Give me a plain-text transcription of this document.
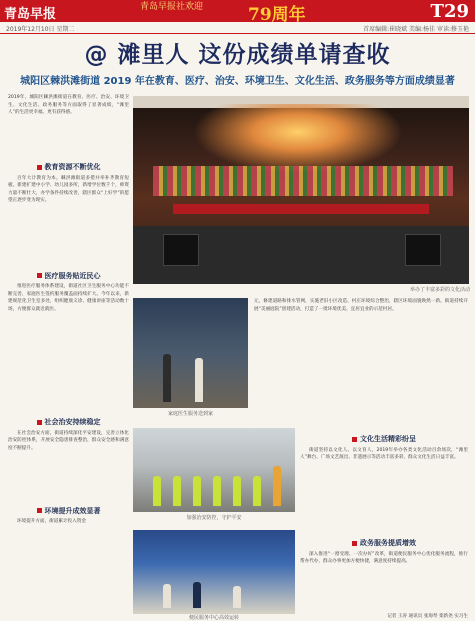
青岛早报	青岛早报社欢迎	79周年	T29
2019年12月10日 星期二	首席编辑:崔晓斌 美编:杨佳 审读:修玉艳
@ 滩里人 这份成绩单请查收
城阳区棘洪滩街道 2019 年在教育、医疗、治安、环境卫生、文化生活、政务服务等方面成绩显著
2019年，城阳区棘洪滩街道在教育、医疗、治安、环境卫生、文化生活、政务服务等方面取得了显著成绩，“滩里人”的生活更幸福、更有获得感。
教育资源不断优化
百年大计教育为本。棘洪滩街道多措并举补齐教育短板。新建扩建中小学、幼儿园多所，新增学位数千个，师资力量不断壮大，办学条件持续改善，辖区群众“上好学”的愿望正逐步变为现实。
医疗服务贴近民心
推进医疗服务体系建设，街道社区卫生服务中心功能不断完善，家庭医生签约服务覆盖面持续扩大。今年以来，新建规范化卫生室多处，组织健康义诊、健康讲座等活动数十场，方便群众就近就医。
社会治安持续稳定
在社会治安方面，街道持续深化平安建设，完善立体化治安防控体系，开展安全隐患排查整治，群众安全感和满意度不断提升。
环境提升成效显著
环境提升方面，街道累计投入资金
举办了丰富多彩的文化活动
家庭医生服务送到家
加强治安防控，守护平安
便民服务中心高效运转
元，修建道路和排水管网，实施老旧小区改造、村庄环境综合整治，辖区环境面貌焕然一新。街道持续开展“美丽庭院”创建活动，打造了一批环境优美、宜居宜业的示范村居。
文化生活精彩纷呈
街道坚持以文化人、以文育人，2019年举办各类文化活动百余场次，“滩里人”舞台、广场文艺演出、非遗展示等活动丰富多彩，群众文化生活日益丰富。
政务服务提质增效
深入推进“一窗受理、一次办好”改革，街道便民服务中心优化服务流程，推行帮办代办，群众办事更加方便快捷，满意度持续提高。
记者 王涛 通讯员 张海琴 栾新尧 实习生
